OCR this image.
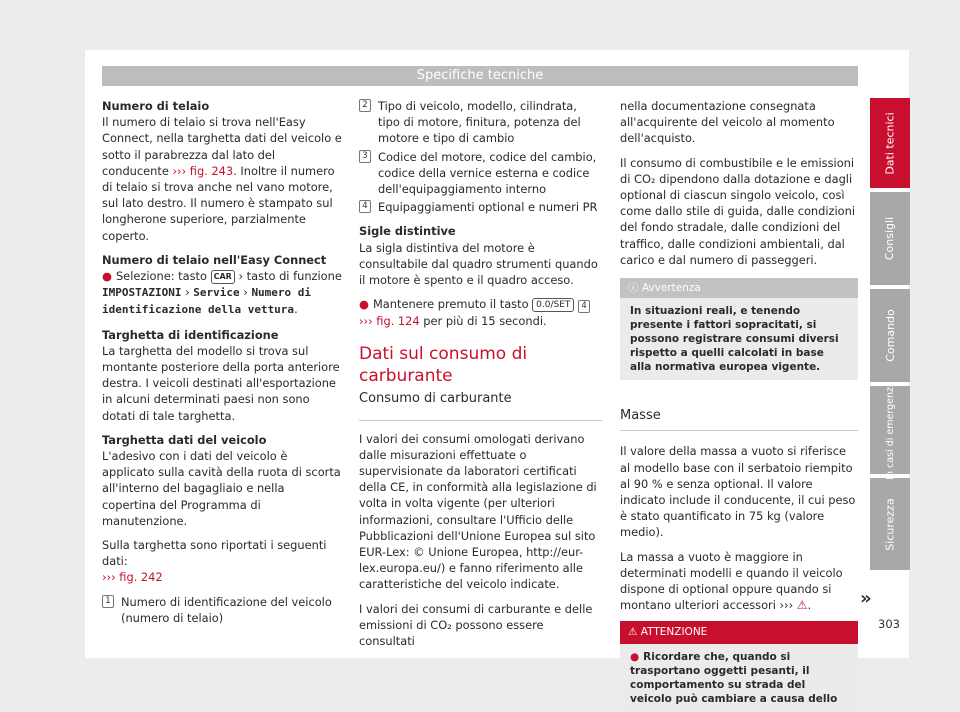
Specifiche tecniche

Numero di telaio

Il numero di telaio si trova nell'Easy Connect, nella targhetta dati del veicolo e sotto il parabrezza dal lato del conducente ››› fig. 243. Inoltre il numero di telaio si trova anche nel vano motore, sul lato destro. Il numero è stampato sul longherone superiore, parzialmente coperto.

Numero di telaio nell'Easy Connect

● Selezione: tasto CAR › tasto di funzione IMPOSTAZIONI › Service › Numero di identificazione della vettura.

Targhetta di identificazione

La targhetta del modello si trova sul montante posteriore della porta anteriore destra. I veicoli destinati all'esportazione in alcuni determinati paesi non sono dotati di tale targhetta.

Targhetta dati del veicolo

L'adesivo con i dati del veicolo è applicato sulla cavità della ruota di scorta all'interno del bagagliaio e nella copertina del Programma di manutenzione.

Sulla targhetta sono riportati i seguenti dati:
››› fig. 242

1 Numero di identificazione del veicolo (numero di telaio)
2 Tipo di veicolo, modello, cilindrata, tipo di motore, finitura, potenza del motore e tipo di cambio
3 Codice del motore, codice del cambio, codice della vernice esterna e codice dell'equipaggiamento interno
4 Equipaggiamenti optional e numeri PR

Sigle distintive

La sigla distintiva del motore è consultabile dal quadro strumenti quando il motore è spento e il quadro acceso.

● Mantenere premuto il tasto 0.0/SET 4
››› fig. 124 per più di 15 secondi.

Dati sul consumo di carburante
Consumo di carburante

I valori dei consumi omologati derivano dalle misurazioni effettuate o supervisionate da laboratori certificati della CE, in conformità alla legislazione di volta in volta vigente (per ulteriori informazioni, consultare l'Ufficio delle Pubblicazioni dell'Unione Europea sul sito EUR-Lex: © Unione Europea, http://eur-lex.europa.eu/) e fanno riferimento alle caratteristiche del veicolo indicate.

I valori dei consumi di carburante e delle emissioni di CO₂ possono essere consultati

nella documentazione consegnata all'acquirente del veicolo al momento dell'acquisto.

Il consumo di combustibile e le emissioni di CO₂ dipendono dalla dotazione e dagli optional di ciascun singolo veicolo, così come dallo stile di guida, dalle condizioni del fondo stradale, dalle condizioni del traffico, dalle condizioni ambientali, dal carico e dal numero di passeggeri.

ⓘ Avvertenza
In situazioni reali, e tenendo presente i fattori sopracitati, si possono registrare consumi diversi rispetto a quelli calcolati in base alla normativa europea vigente.
Masse

Il valore della massa a vuoto si riferisce al modello base con il serbatoio riempito al 90 % e senza optional. Il valore indicato include il conducente, il cui peso è stato quantificato in 75 kg (valore medio).

La massa a vuoto è maggiore in determinati modelli e quando il veicolo dispone di optional oppure quando si montano ulteriori accessori ››› ⚠.

⚠ ATTENZIONE
● Ricordare che, quando si trasportano oggetti pesanti, il comportamento su strada del veicolo può cambiare a causa dello
Dati tecnici
Consigli
Comando
In casi di emergenza
Sicurezza
»
303
